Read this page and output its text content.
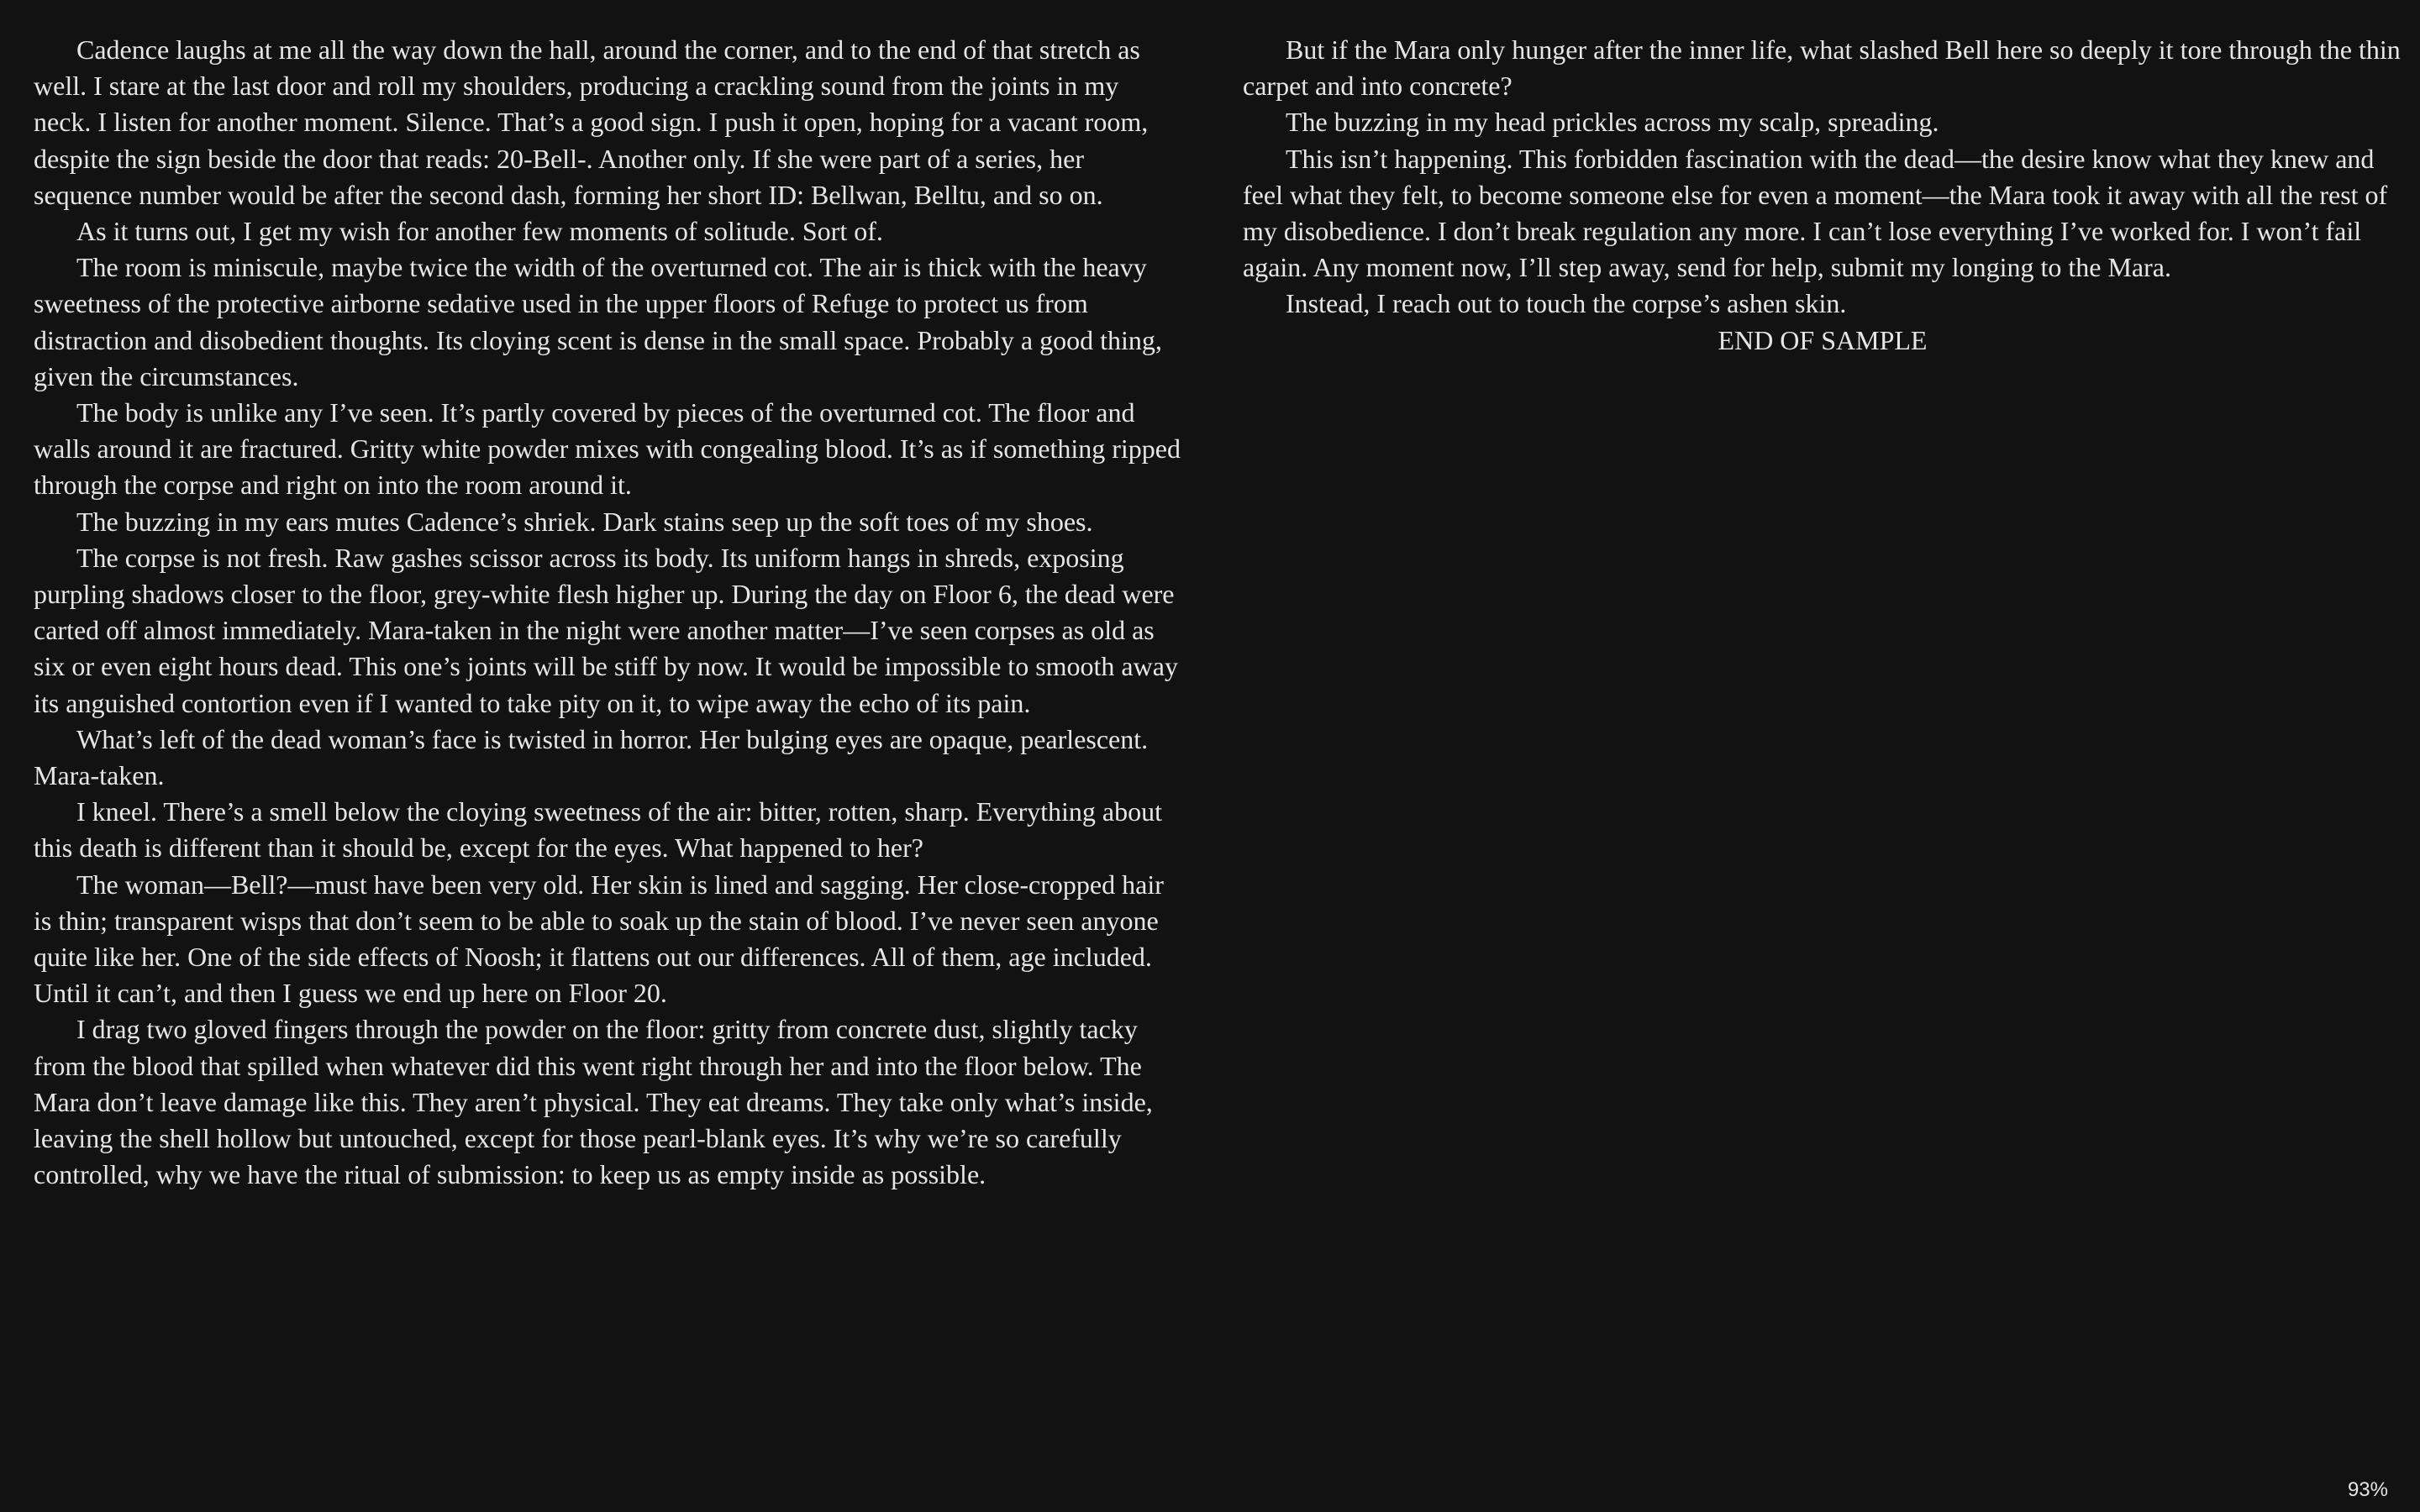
Cadence laughs at me all the way down the hall, around the corner, and to the end of that stretch as well. I stare at the last door and roll my shoulders, producing a crackling sound from the joints in my neck. I listen for another moment. Silence. That’s a good sign. I push it open, hoping for a vacant room, despite the sign beside the door that reads: 20-Bell-. Another only. If she were part of a series, her sequence number would be after the second dash, forming her short ID: Bellwan, Belltu, and so on.

As it turns out, I get my wish for another few moments of solitude. Sort of.

The room is miniscule, maybe twice the width of the overturned cot. The air is thick with the heavy sweetness of the protective airborne sedative used in the upper floors of Refuge to protect us from distraction and disobedient thoughts. Its cloying scent is dense in the small space. Probably a good thing, given the circumstances.

The body is unlike any I’ve seen. It’s partly covered by pieces of the overturned cot. The floor and walls around it are fractured. Gritty white powder mixes with congealing blood. It’s as if something ripped through the corpse and right on into the room around it.

The buzzing in my ears mutes Cadence’s shriek. Dark stains seep up the soft toes of my shoes.

The corpse is not fresh. Raw gashes scissor across its body. Its uniform hangs in shreds, exposing purpling shadows closer to the floor, grey-white flesh higher up. During the day on Floor 6, the dead were carted off almost immediately. Mara-taken in the night were another matter—I’ve seen corpses as old as six or even eight hours dead. This one’s joints will be stiff by now. It would be impossible to smooth away its anguished contortion even if I wanted to take pity on it, to wipe away the echo of its pain.

What’s left of the dead woman’s face is twisted in horror. Her bulging eyes are opaque, pearlescent. Mara-taken.

I kneel. There’s a smell below the cloying sweetness of the air: bitter, rotten, sharp. Everything about this death is different than it should be, except for the eyes. What happened to her?

The woman—Bell?—must have been very old. Her skin is lined and sagging. Her close-cropped hair is thin; transparent wisps that don’t seem to be able to soak up the stain of blood. I’ve never seen anyone quite like her. One of the side effects of Noosh; it flattens out our differences. All of them, age included. Until it can’t, and then I guess we end up here on Floor 20.

I drag two gloved fingers through the powder on the floor: gritty from concrete dust, slightly tacky from the blood that spilled when whatever did this went right through her and into the floor below. The Mara don’t leave damage like this. They aren’t physical. They eat dreams. They take only what’s inside, leaving the shell hollow but untouched, except for those pearl-blank eyes. It’s why we’re so carefully controlled, why we have the ritual of submission: to keep us as empty inside as possible.

But if the Mara only hunger after the inner life, what slashed Bell here so deeply it tore through the thin carpet and into concrete?

The buzzing in my head prickles across my scalp, spreading.

This isn’t happening. This forbidden fascination with the dead—the desire know what they knew and feel what they felt, to become someone else for even a moment—the Mara took it away with all the rest of my disobedience. I don’t break regulation any more. I can’t lose everything I’ve worked for. I won’t fail again. Any moment now, I’ll step away, send for help, submit my longing to the Mara.

Instead, I reach out to touch the corpse’s ashen skin.

END OF SAMPLE

93%
